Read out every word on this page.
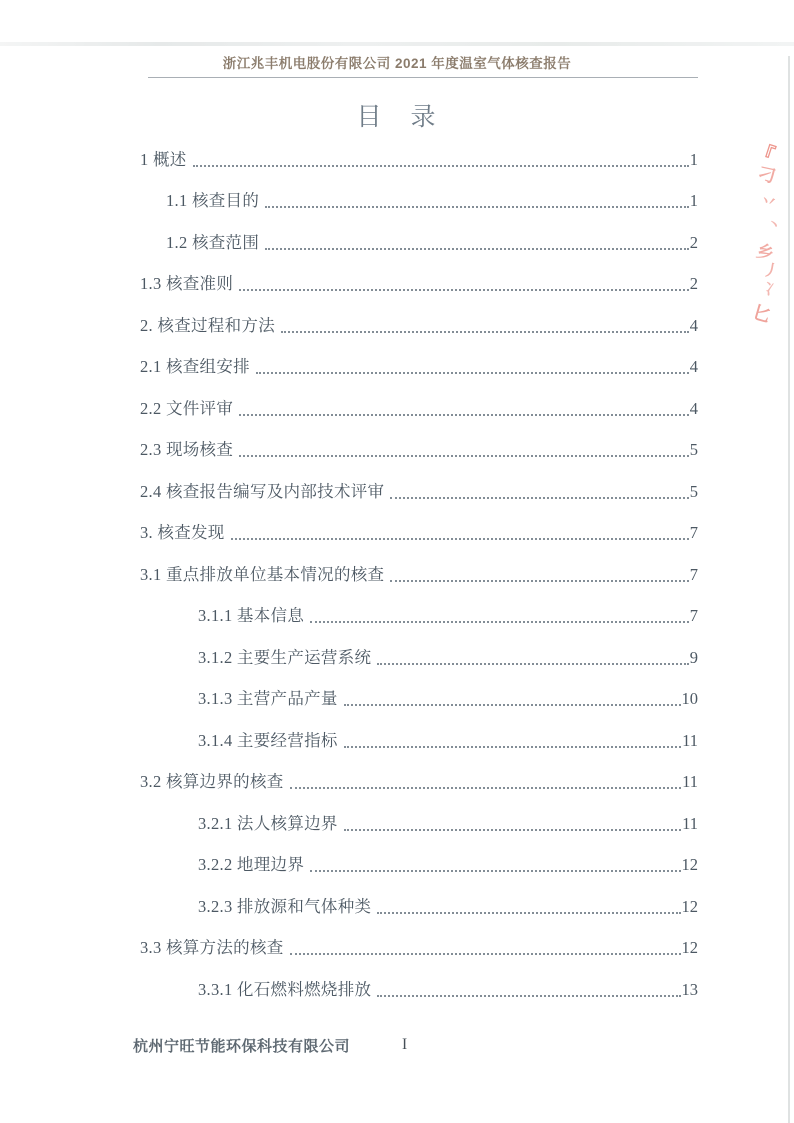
浙江兆丰机电股份有限公司 2021 年度温室气体核查报告
目　录
1 概述	1
1.1 核查目的	1
1.2 核查范围	2
1.3 核查准则	2
2. 核查过程和方法	4
2.1 核查组安排	4
2.2 文件评审	4
2.3 现场核查	5
2.4 核查报告编写及内部技术评审	5
3. 核查发现	7
3.1 重点排放单位基本情况的核查	7
3.1.1 基本信息	7
3.1.2 主要生产运营系统	9
3.1.3 主营产品产量	10
3.1.4 主要经营指标	11
3.2 核算边界的核查	11
3.2.1 法人核算边界	11
3.2.2 地理边界	12
3.2.3 排放源和气体种类	12
3.3 核算方法的核查	12
3.3.1 化石燃料燃烧排放	13
『
刁
丷
丶
乡
丿
冫
匕
杭州宁旺节能环保科技有限公司	I
